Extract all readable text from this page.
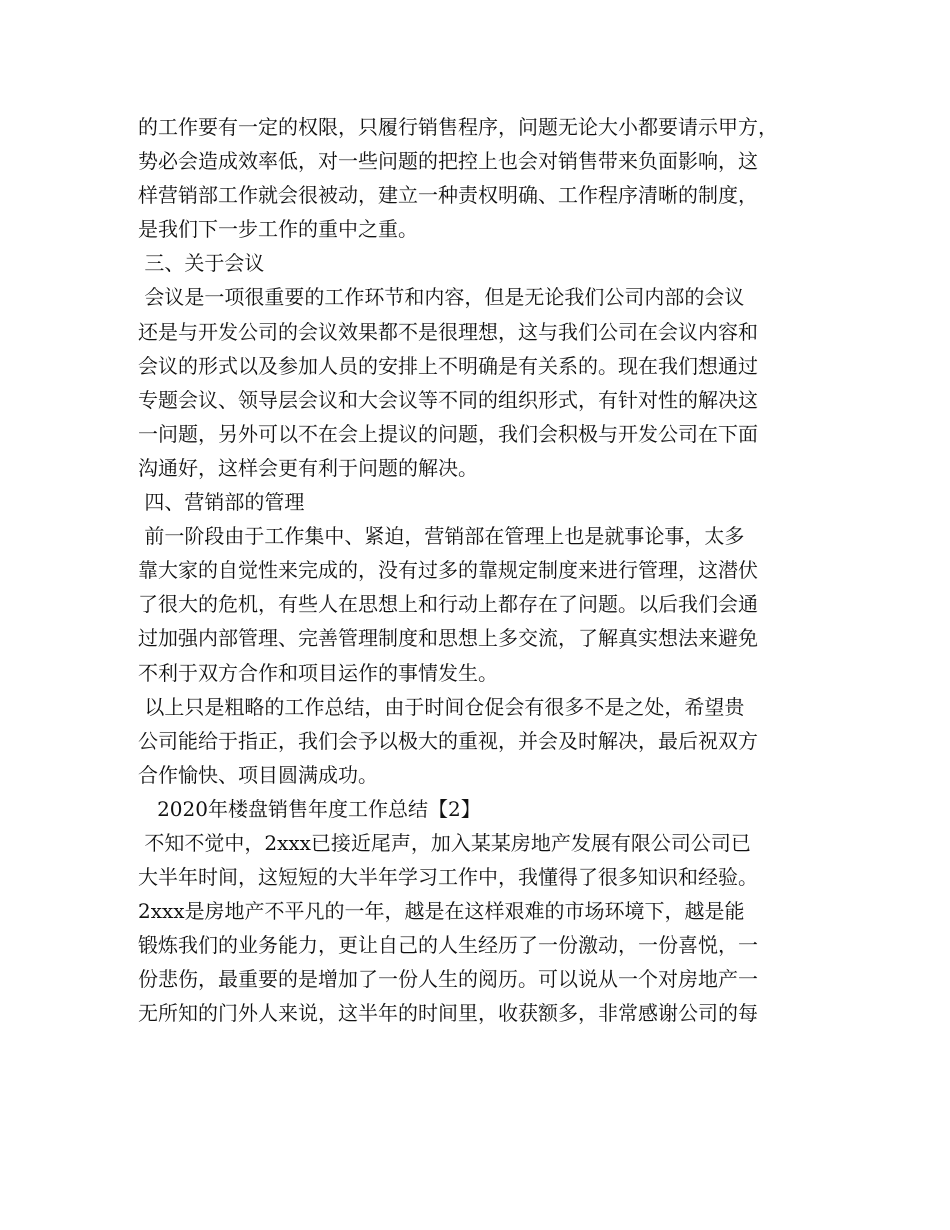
的工作要有一定的权限，只履行销售程序，问题无论大小都要请示甲方，
势必会造成效率低，对一些问题的把控上也会对销售带来负面影响，这
样营销部工作就会很被动，建立一种责权明确、工作程序清晰的制度，
是我们下一步工作的重中之重。
三、关于会议
会议是一项很重要的工作环节和内容，但是无论我们公司内部的会议
还是与开发公司的会议效果都不是很理想，这与我们公司在会议内容和
会议的形式以及参加人员的安排上不明确是有关系的。现在我们想通过
专题会议、领导层会议和大会议等不同的组织形式，有针对性的解决这
一问题，另外可以不在会上提议的问题，我们会积极与开发公司在下面
沟通好，这样会更有利于问题的解决。
四、营销部的管理
前一阶段由于工作集中、紧迫，营销部在管理上也是就事论事，太多
靠大家的自觉性来完成的，没有过多的靠规定制度来进行管理，这潜伏
了很大的危机，有些人在思想上和行动上都存在了问题。以后我们会通
过加强内部管理、完善管理制度和思想上多交流，了解真实想法来避免
不利于双方合作和项目运作的事情发生。
以上只是粗略的工作总结，由于时间仓促会有很多不是之处，希望贵
公司能给于指正，我们会予以极大的重视，并会及时解决，最后祝双方
合作愉快、项目圆满成功。
2020年楼盘销售年度工作总结【2】
不知不觉中，2xxx已接近尾声，加入某某房地产发展有限公司公司已
大半年时间，这短短的大半年学习工作中，我懂得了很多知识和经验。
2xxx是房地产不平凡的一年，越是在这样艰难的市场环境下，越是能
锻炼我们的业务能力，更让自己的人生经历了一份激动，一份喜悦，一
份悲伤，最重要的是增加了一份人生的阅历。可以说从一个对房地产一
无所知的门外人来说，这半年的时间里，收获额多，非常感谢公司的每
